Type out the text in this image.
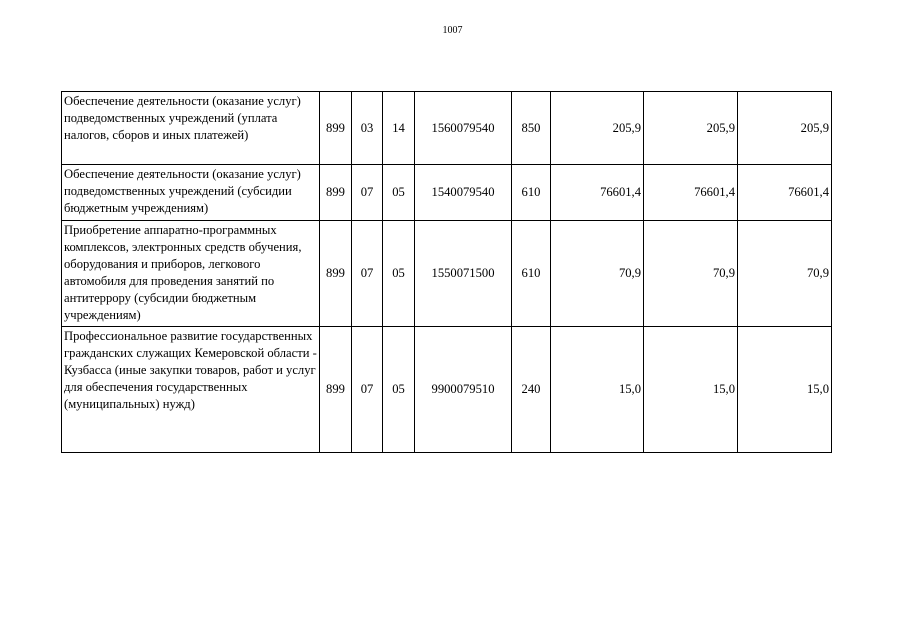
1007
Обеспечение деятельности (оказание услуг) подведомственных учреждений (уплата налогов, сборов и иных платежей)	899	03	14	1560079540	850	205,9	205,9	205,9
Обеспечение деятельности (оказание услуг) подведомственных учреждений (субсидии бюджетным учреждениям)	899	07	05	1540079540	610	76601,4	76601,4	76601,4
Приобретение аппаратно-программных комплексов, электронных средств обучения, оборудования и приборов, легкового автомобиля для проведения занятий по антитеррору (субсидии бюджетным учреждениям)	899	07	05	1550071500	610	70,9	70,9	70,9
Профессиональное развитие государственных гражданских служащих Кемеровской области - Кузбасса (иные закупки товаров, работ и услуг для обеспечения государственных (муниципальных) нужд)	899	07	05	9900079510	240	15,0	15,0	15,0
